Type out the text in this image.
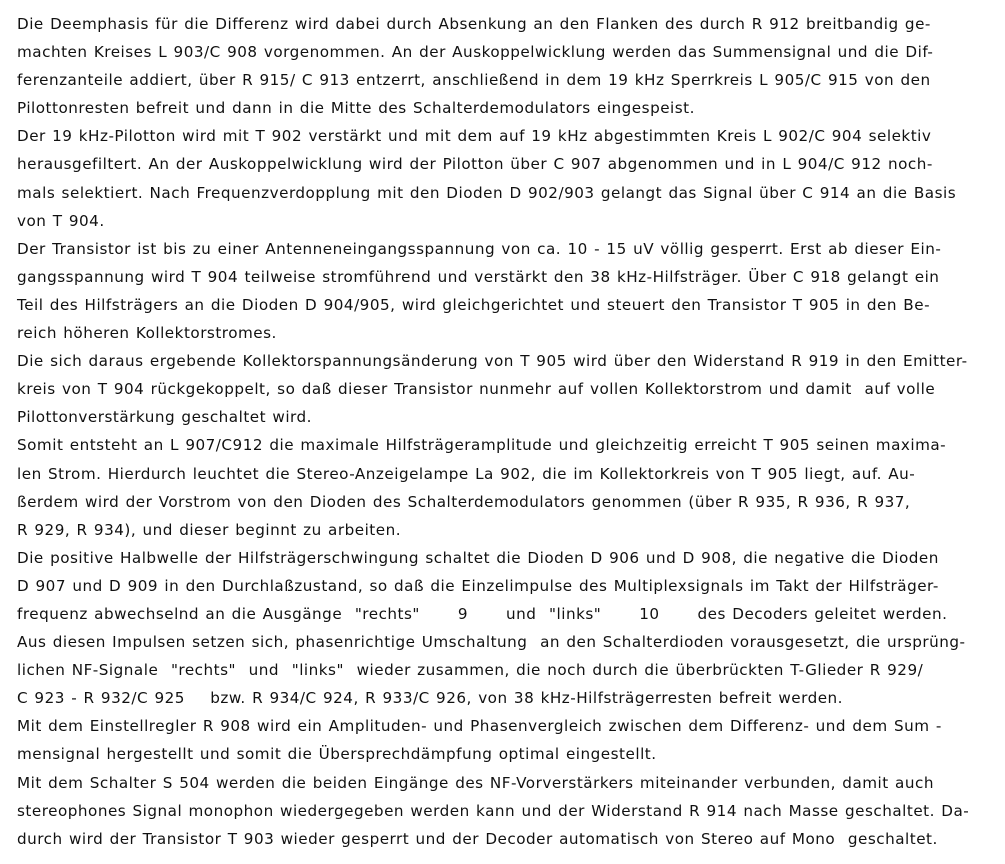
Die Deemphasis für die Differenz wird dabei durch Absenkung an den Flanken des durch R 912 breitbandig ge-
machten Kreises L 903/C 908 vorgenommen. An der Auskoppelwicklung werden das Summensignal und die Dif-
ferenzanteile addiert, über R 915/ C 913 entzerrt, anschließend in dem 19 kHz Sperrkreis L 905/C 915 von den
Pilottonresten befreit und dann in die Mitte des Schalterdemodulators eingespeist.
Der 19 kHz-Pilotton wird mit T 902 verstärkt und mit dem auf 19 kHz abgestimmten Kreis L 902/C 904 selektiv
herausgefiltert. An der Auskoppelwicklung wird der Pilotton über C 907 abgenommen und in L 904/C 912 noch-
mals selektiert. Nach Frequenzverdopplung mit den Dioden D 902/903 gelangt das Signal über C 914 an die Basis
von T 904.
Der Transistor ist bis zu einer Antenneneingangsspannung von ca. 10 - 15 uV völlig gesperrt. Erst ab dieser Ein-
gangsspannung wird T 904 teilweise stromführend und verstärkt den 38 kHz-Hilfsträger. Über C 918 gelangt ein
Teil des Hilfsträgers an die Dioden D 904/905, wird gleichgerichtet und steuert den Transistor T 905 in den Be-
reich höheren Kollektorstromes.
Die sich daraus ergebende Kollektorspannungsänderung von T 905 wird über den Widerstand R 919 in den Emitter-
kreis von T 904 rückgekoppelt, so daß dieser Transistor nunmehr auf vollen Kollektorstrom und damit  auf volle
Pilottonverstärkung geschaltet wird.
Somit entsteht an L 907/C912 die maximale Hilfsträgeramplitude und gleichzeitig erreicht T 905 seinen maxima-
len Strom. Hierdurch leuchtet die Stereo-Anzeigelampe La 902, die im Kollektorkreis von T 905 liegt, auf. Au-
ßerdem wird der Vorstrom von den Dioden des Schalterdemodulators genommen (über R 935, R 936, R 937,
R 929, R 934), und dieser beginnt zu arbeiten.
Die positive Halbwelle der Hilfsträgerschwingung schaltet die Dioden D 906 und D 908, die negative die Dioden
D 907 und D 909 in den Durchlaßzustand, so daß die Einzelimpulse des Multiplexsignals im Takt der Hilfsträger-
frequenz abwechselnd an die Ausgänge  "rechts"      9      und  "links"      10      des Decoders geleitet werden.
Aus diesen Impulsen setzen sich, phasenrichtige Umschaltung  an den Schalterdioden vorausgesetzt, die ursprüng-
lichen NF-Signale  "rechts"  und  "links"  wieder zusammen, die noch durch die überbrückten T-Glieder R 929/
C 923 - R 932/C 925    bzw. R 934/C 924, R 933/C 926, von 38 kHz-Hilfsträgerresten befreit werden.
Mit dem Einstellregler R 908 wird ein Amplituden- und Phasenvergleich zwischen dem Differenz- und dem Sum -
mensignal hergestellt und somit die Übersprechdämpfung optimal eingestellt.
Mit dem Schalter S 504 werden die beiden Eingänge des NF-Vorverstärkers miteinander verbunden, damit auch
stereophones Signal monophon wiedergegeben werden kann und der Widerstand R 914 nach Masse geschaltet. Da-
durch wird der Transistor T 903 wieder gesperrt und der Decoder automatisch von Stereo auf Mono  geschaltet.
